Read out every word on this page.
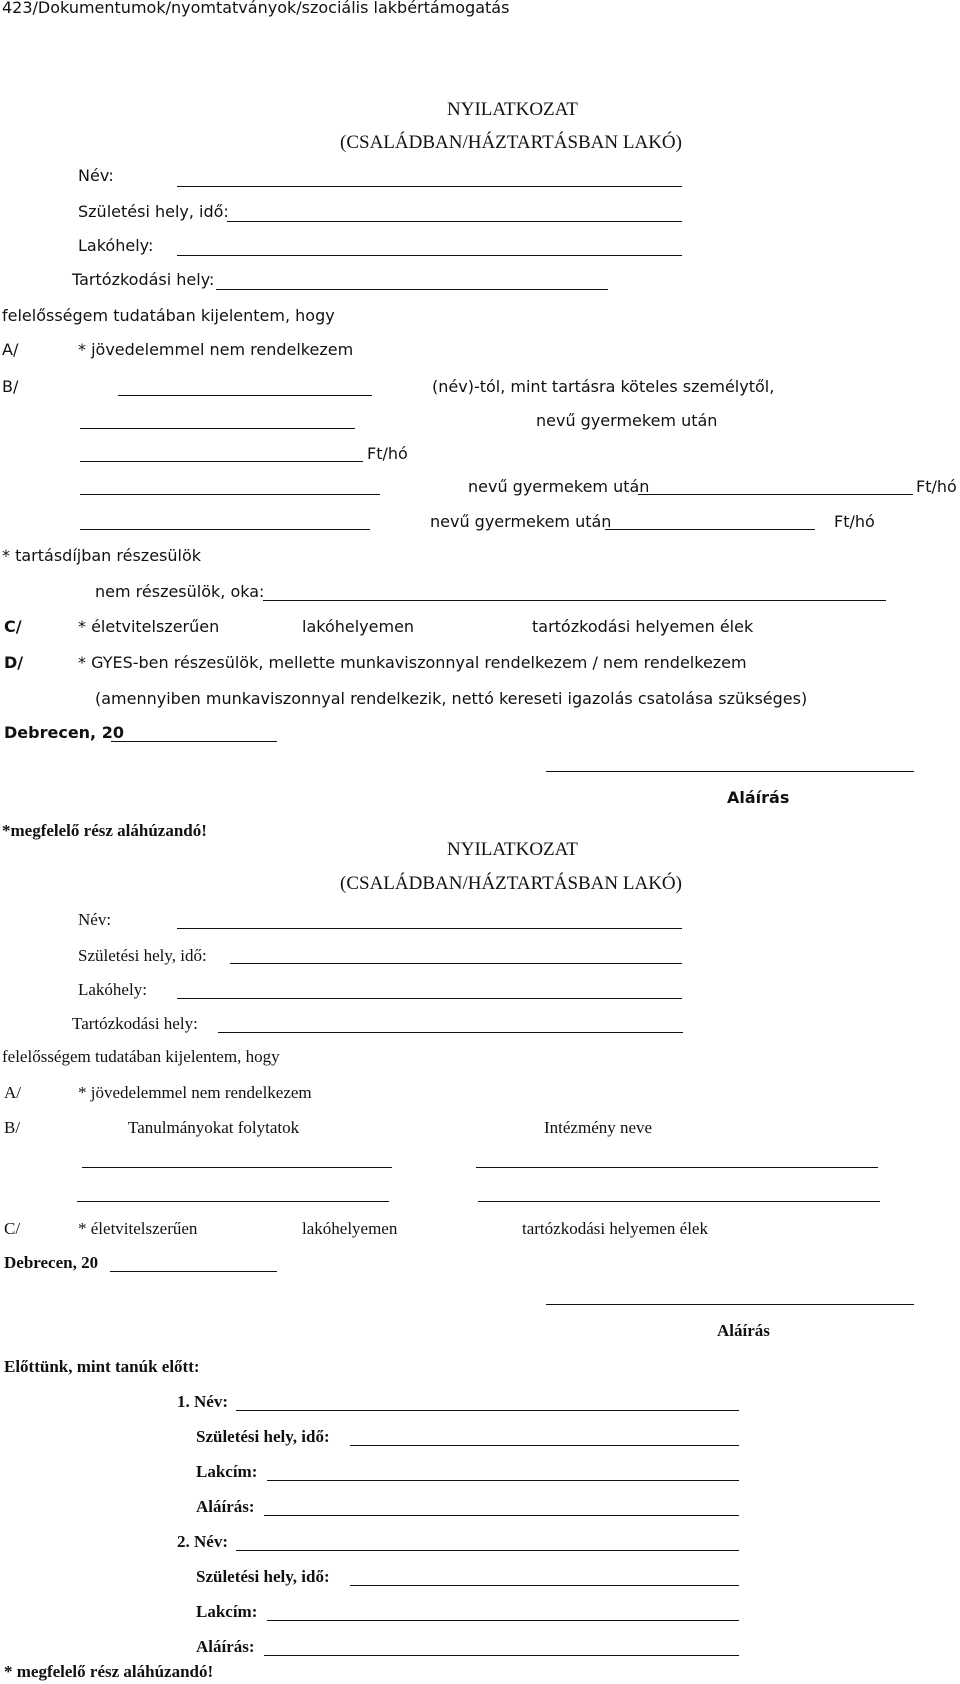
423/Dokumentumok/nyomtatványok/szociális lakbértámogatás
NYILATKOZAT
(CSALÁDBAN/HÁZTARTÁSBAN LAKÓ)
Név:
Születési hely, idő:
Lakóhely:
Tartózkodási hely:
felelősségem tudatában kijelentem, hogy
A/	* jövedelemmel nem rendelkezem
B/	(név)-tól, mint tartásra köteles személytől,
nevű gyermekem után
Ft/hó
nevű gyermekem után	Ft/hó
nevű gyermekem után	Ft/hó
* tartásdíjban részesülök
nem részesülök, oka:
C/	* életvitelszerűen	lakóhelyemen	tartózkodási helyemen élek
D/	* GYES-ben részesülök, mellette munkaviszonnyal rendelkezem / nem rendelkezem
(amennyiben munkaviszonnyal rendelkezik, nettó kereseti igazolás csatolása szükséges)
Debrecen, 20
Aláírás
*megfelelő rész aláhúzandó!
NYILATKOZAT
(CSALÁDBAN/HÁZTARTÁSBAN LAKÓ)
Név:
Születési hely, idő:
Lakóhely:
Tartózkodási hely:
felelősségem tudatában kijelentem, hogy
A/	* jövedelemmel nem rendelkezem
B/	Tanulmányokat folytatok	Intézmény neve
C/	* életvitelszerűen	lakóhelyemen	tartózkodási helyemen élek
Debrecen, 20
Aláírás
Előttünk, mint tanúk előtt:
1. Név:
Születési hely, idő:
Lakcím:
Aláírás:
2. Név:
Születési hely, idő:
Lakcím:
Aláírás:
* megfelelő rész aláhúzandó!
